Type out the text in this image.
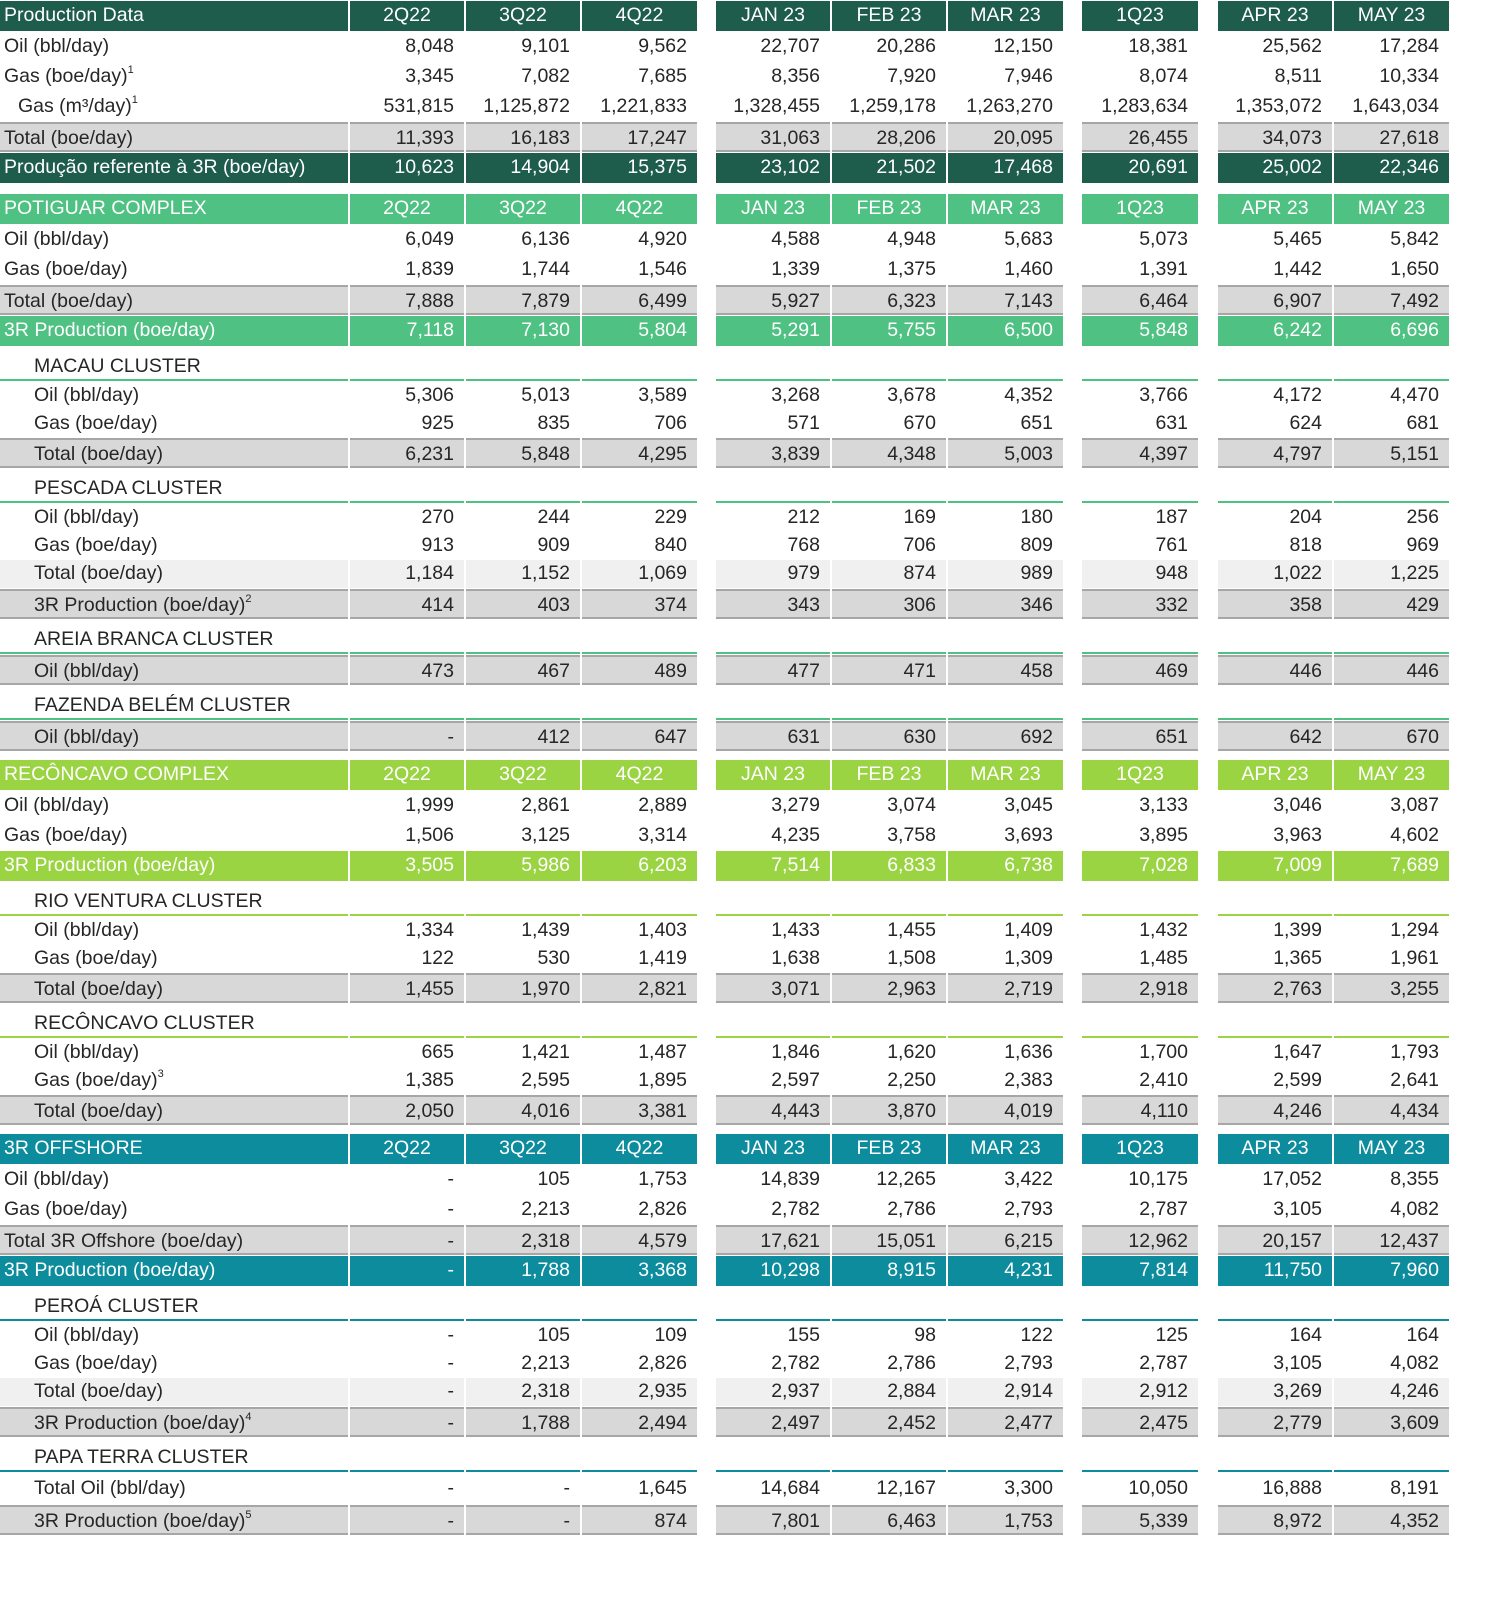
Production Data	2Q22	3Q22	4Q22	JAN 23	FEB 23	MAR 23	1Q23	APR 23	MAY 23
Oil (bbl/day)	8,048	9,101	9,562	22,707	20,286	12,150	18,381	25,562	17,284
Gas $(boe/day)^1$	3,345	7,082	7,685	8,356	7,920	7,946	8,074	8,511	10,334
Gas $(m^3/day)^1$	531,815	1,125,872	1,221,833	1,328,455	1,259,178	1,263,270	1,283,634	1,353,072	1,643,034
Total (boe/day)	11,393	16,183	17,247	31,063	28,206	20,095	26,455	34,073	27,618
Produção referente à 3R (boe/day)	10,623	14,904	15,375	23,102	21,502	17,468	20,691	25,002	22,346
POTIGUAR COMPLEX	2Q22	3Q22	4Q22	JAN 23	FEB 23	MAR 23	1Q23	APR 23	MAY 23
Oil (bbl/day)	6,049	6,136	4,920	4,588	4,948	5,683	5,073	5,465	5,842
Gas (boe/day)	1,839	1,744	1,546	1,339	1,375	1,460	1,391	1,442	1,650
Total (boe/day)	7,888	7,879	6,499	5,927	6,323	7,143	6,464	6,907	7,492
3R Production (boe/day)	7,118	7,130	5,804	5,291	5,755	6,500	5,848	6,242	6,696
MACAU CLUSTER
Oil (bbl/day)	5,306	5,013	3,589	3,268	3,678	4,352	3,766	4,172	4,470
Gas (boe/day)	925	835	706	571	670	651	631	624	681
Total (boe/day)	6,231	5,848	4,295	3,839	4,348	5,003	4,397	4,797	5,151
PESCADA CLUSTER
Oil (bbl/day)	270	244	229	212	169	180	187	204	256
Gas (boe/day)	913	909	840	768	706	809	761	818	969
Total (boe/day)	1,184	1,152	1,069	979	874	989	948	1,022	1,225
3R Production $(boe/day)^2$	414	403	374	343	306	346	332	358	429
AREIA BRANCA CLUSTER
Oil (bbl/day)	473	467	489	477	471	458	469	446	446
FAZENDA BELÉM CLUSTER
Oil (bbl/day)	-	412	647	631	630	692	651	642	670
RECÔNCAVO COMPLEX	2Q22	3Q22	4Q22	JAN 23	FEB 23	MAR 23	1Q23	APR 23	MAY 23
Oil (bbl/day)	1,999	2,861	2,889	3,279	3,074	3,045	3,133	3,046	3,087
Gas (boe/day)	1,506	3,125	3,314	4,235	3,758	3,693	3,895	3,963	4,602
3R Production (boe/day)	3,505	5,986	6,203	7,514	6,833	6,738	7,028	7,009	7,689
RIO VENTURA CLUSTER
Oil (bbl/day)	1,334	1,439	1,403	1,433	1,455	1,409	1,432	1,399	1,294
Gas (boe/day)	122	530	1,419	1,638	1,508	1,309	1,485	1,365	1,961
Total (boe/day)	1,455	1,970	2,821	3,071	2,963	2,719	2,918	2,763	3,255
RECÔNCAVO CLUSTER
Oil (bbl/day)	665	1,421	1,487	1,846	1,620	1,636	1,700	1,647	1,793
Gas $(boe/day)^3$	1,385	2,595	1,895	2,597	2,250	2,383	2,410	2,599	2,641
Total (boe/day)	2,050	4,016	3,381	4,443	3,870	4,019	4,110	4,246	4,434
3R OFFSHORE	2Q22	3Q22	4Q22	JAN 23	FEB 23	MAR 23	1Q23	APR 23	MAY 23
Oil (bbl/day)	-	105	1,753	14,839	12,265	3,422	10,175	17,052	8,355
Gas (boe/day)	-	2,213	2,826	2,782	2,786	2,793	2,787	3,105	4,082
Total 3R Offshore (boe/day)	-	2,318	4,579	17,621	15,051	6,215	12,962	20,157	12,437
3R Production (boe/day)	-	1,788	3,368	10,298	8,915	4,231	7,814	11,750	7,960
PEROÁ CLUSTER
Oil (bbl/day)	-	105	109	155	98	122	125	164	164
Gas (boe/day)	-	2,213	2,826	2,782	2,786	2,793	2,787	3,105	4,082
Total (boe/day)	-	2,318	2,935	2,937	2,884	2,914	2,912	3,269	4,246
3R Production $(boe/day)^4$	-	1,788	2,494	2,497	2,452	2,477	2,475	2,779	3,609
PAPA TERRA CLUSTER
Total Oil (bbl/day)	-	-	1,645	14,684	12,167	3,300	10,050	16,888	8,191
3R Production $(boe/day)^5$	-	-	874	7,801	6,463	1,753	5,339	8,972	4,352
